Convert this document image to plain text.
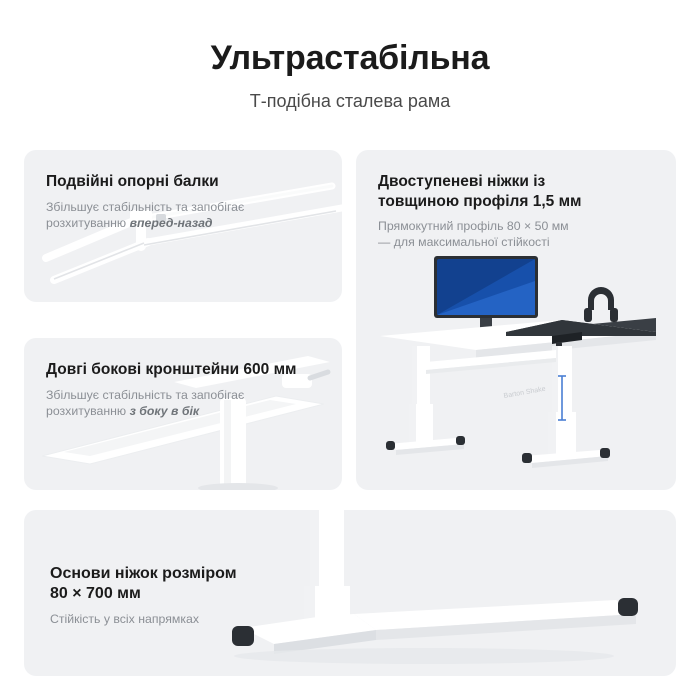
Ультрастабільна
Т-подібна сталева рама
Подвійні опорні балки
Збільшує стабільність та запобігає
розхитуванню вперед-назад
Довгі бокові кронштейни 600 мм
Збільшує стабільність та запобігає
розхитуванню з боку в бік
Barton Shake
Двоступеневі ніжки із
товщиною профіля 1,5 мм
Прямокутний профіль 80 × 50 мм
— для максимальної стійкості
Основи ніжок розміром
80 × 700 мм
Стійкість у всіх напрямках
